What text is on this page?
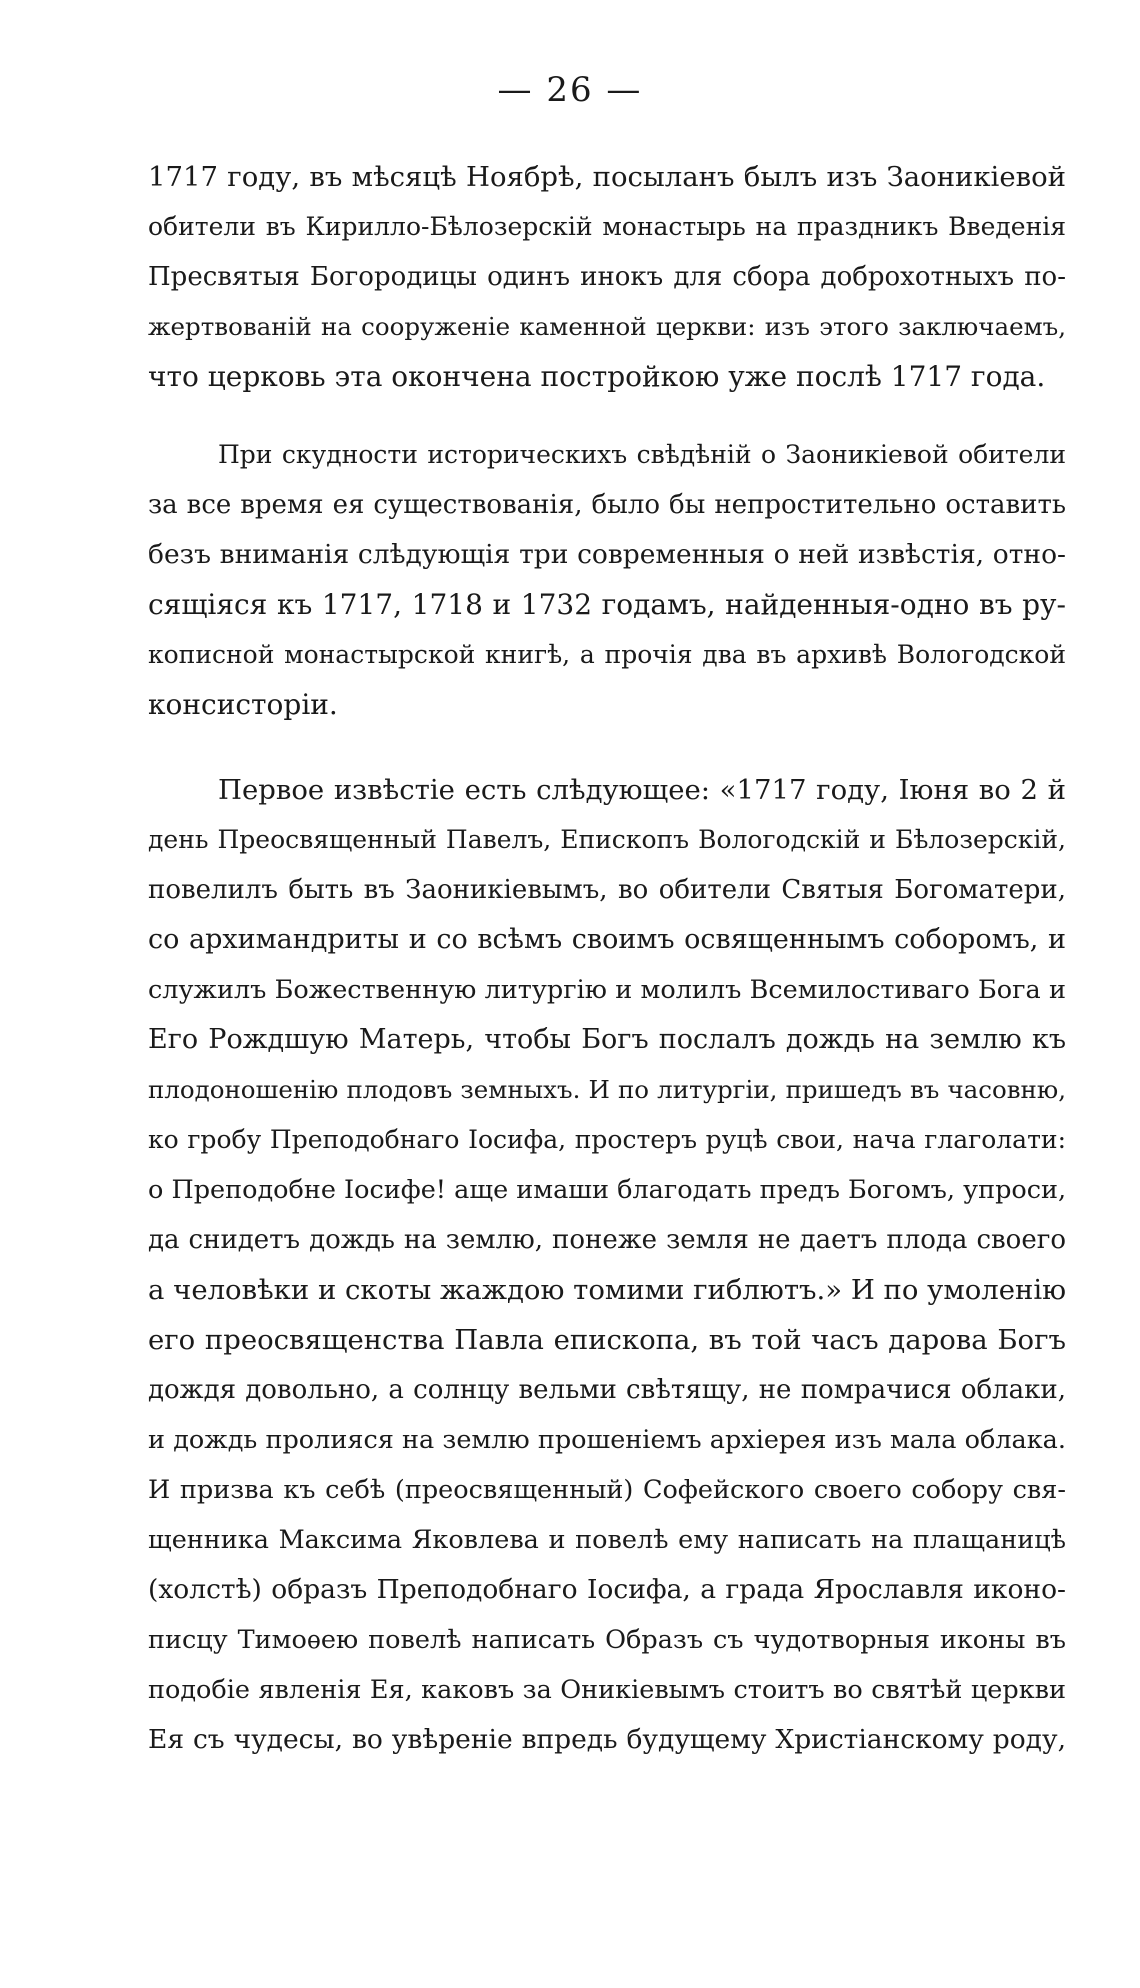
— 26 —
1717 году, въ мѣсяцѣ Ноябрѣ, посыланъ былъ изъ Заоникіевой
обители въ Кирилло-Бѣлозерскій монастырь на праздникъ Введенія
Пресвятыя Богородицы одинъ инокъ для сбора доброхотныхъ по-
жертвованій на сооруженіе каменной церкви: изъ этого заключаемъ,
что церковь эта окончена постройкою уже послѣ 1717 года.
При скудности историческихъ свѣдѣній о Заоникіевой обители
за все время ея существованія, было бы непростительно оставить
безъ вниманія слѣдующія три современныя о ней извѣстія, отно-
сящіяся къ 1717, 1718 и 1732 годамъ, найденныя-одно въ ру-
кописной монастырской книгѣ, а прочія два въ архивѣ Вологодской
консисторіи.
Первое извѣстіе есть слѣдующее: «1717 году, Іюня во 2 й
день Преосвященный Павелъ, Епископъ Вологодскій и Бѣлозерскій,
повелилъ быть въ Заоникіевымъ, во обители Святыя Богоматери,
со архимандриты и со всѣмъ своимъ освященнымъ соборомъ, и
служилъ Божественную литургію и молилъ Всемилостиваго Бога и
Его Рождшую Матерь, чтобы Богъ послалъ дождь на землю къ
плодоношенію плодовъ земныхъ. И по литургіи, пришедъ въ часовню,
ко гробу Преподобнаго Іосифа, простеръ руцѣ свои, нача глаголати:
о Преподобне Іосифе! аще имаши благодать предъ Богомъ, упроси,
да снидетъ дождь на землю, понеже земля не даетъ плода своего
а человѣки и скоты жаждою томими гиблютъ.» И по умоленію
его преосвященства Павла епископа, въ той часъ дарова Богъ
дождя довольно, а солнцу вельми свѣтящу, не помрачися облаки,
и дождь пролияся на землю прошеніемъ архіерея изъ мала облака.
И призва къ себѣ (преосвященный) Софейского своего собору свя-
щенника Максима Яковлева и повелѣ ему написать на плащаницѣ
(холстѣ) образъ Преподобнаго Іосифа, а града Ярославля иконо-
писцу Тимоѳею повелѣ написать Образъ съ чудотворныя иконы въ
подобіе явленія Ея, каковъ за Оникіевымъ стоитъ во святѣй церкви
Ея съ чудесы, во увѣреніе впредь будущему Христіанскому роду,
